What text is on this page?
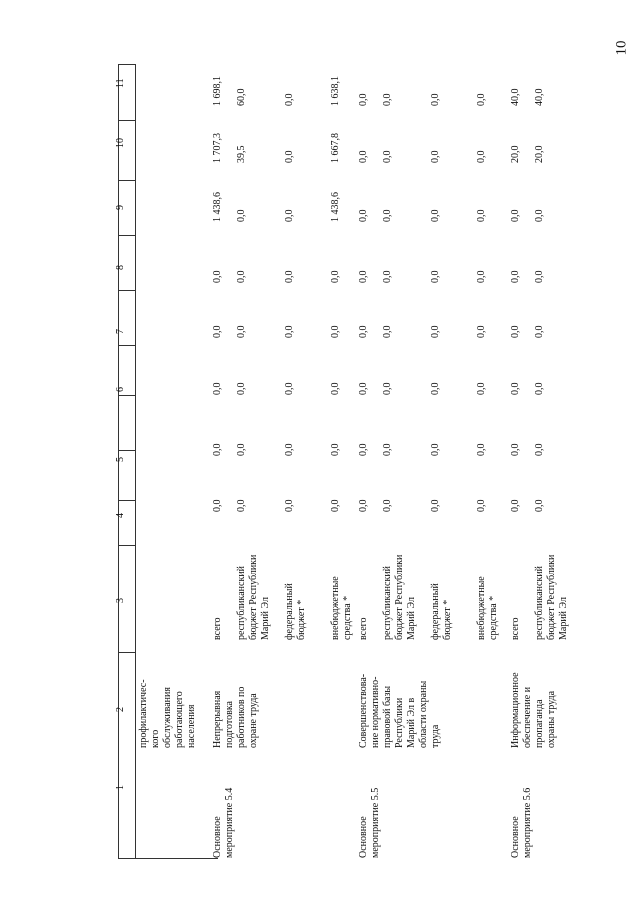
10
1
2
3
4
5
6
7
8
9
10
11
профилактичес-
кого
обслуживания
работающего
населения
Основное
мероприятие 5.4
Непрерывная
подготовка
работников по
охране труда
всего
0,0
0,0
0,0
0,0
0,0
1 438,6
1 707,3
1 698,1
республиканский
бюджет Республики
Марий Эл
0,0
0,0
0,0
0,0
0,0
0,0
39,5
60,0
федеральный
бюджет *
0,0
0,0
0,0
0,0
0,0
0,0
0,0
0,0
внебюджетные
средства *
0,0
0,0
0,0
0,0
0,0
1 438,6
1 667,8
1 638,1
Основное
мероприятие 5.5
Совершенствова-
ние нормативно-
правовой базы
Республики
Марий Эл в
области охраны
труда
всего
0,0
0,0
0,0
0,0
0,0
0,0
0,0
0,0
республиканский
бюджет Республики
Марий Эл
0,0
0,0
0,0
0,0
0,0
0,0
0,0
0,0
федеральный
бюджет *
0,0
0,0
0,0
0,0
0,0
0,0
0,0
0,0
внебюджетные
средства *
0,0
0,0
0,0
0,0
0,0
0,0
0,0
0,0
Основное
мероприятие 5.6
Информационное
обеспечение и
пропаганда
охраны труда
всего
0,0
0,0
0,0
0,0
0,0
0,0
20,0
40,0
республиканский
бюджет Республики
Марий Эл
0,0
0,0
0,0
0,0
0,0
0,0
20,0
40,0
